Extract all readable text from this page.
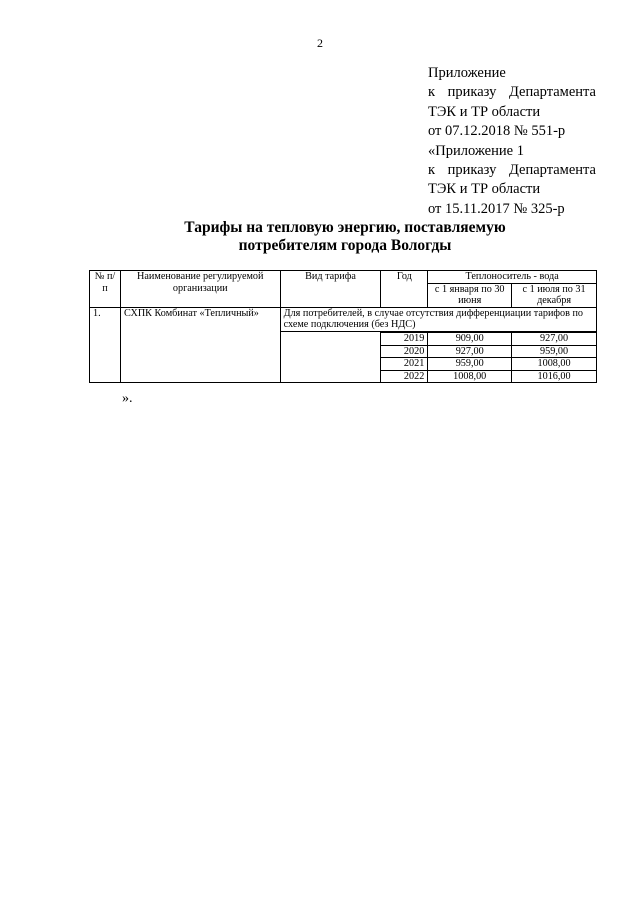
2
Приложение
к приказу Департамента
ТЭК и ТР области
от 07.12.2018 № 551-р
«Приложение 1
к приказу Департамента
ТЭК и ТР области
от 15.11.2017 № 325-р
Тарифы на тепловую энергию, поставляемую
потребителям города Вологды
№ п/п	Наименование регулируемой организации	Вид тарифа	Год	Теплоноситель - вода	
				с 1 января по 30 июня	с 1 июля по 31 декабря
1.	СХПК Комбинат «Тепличный»	Для потребителей, в случае отсутствия дифференциации тарифов по схеме подключения (без НДС)			

			2019	909,00	927,00
			2020	927,00	959,00
			2021	959,00	1008,00
			2022	1008,00	1016,00
».
